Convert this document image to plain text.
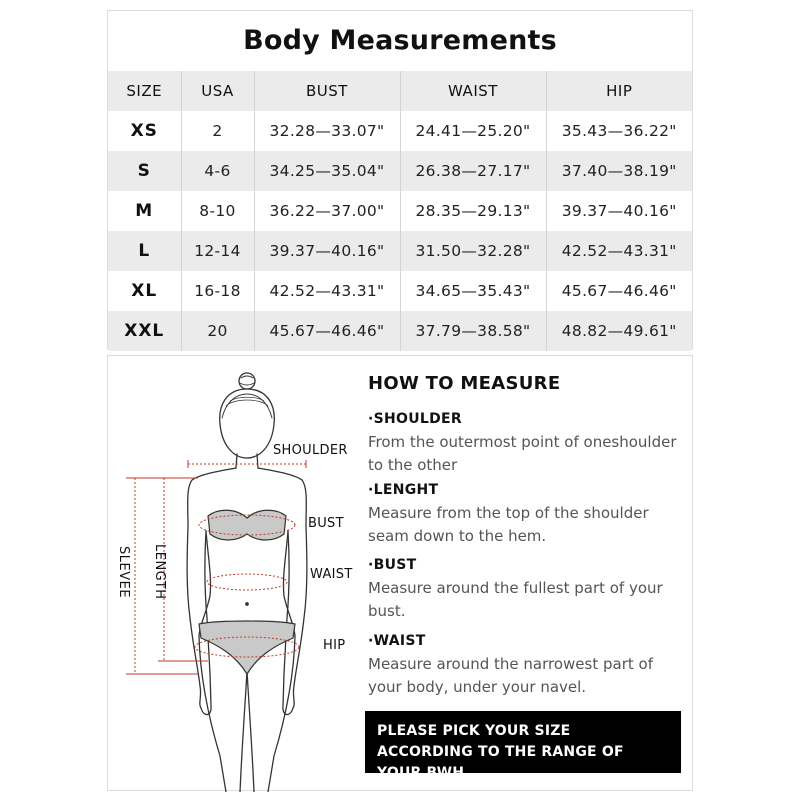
Body Measurements
SIZE	USA	BUST	WAIST	HIP
XS	2	32.28—33.07"	24.41—25.20"	35.43—36.22"
S	4-6	34.25—35.04"	26.38—27.17"	37.40—38.19"
M	8-10	36.22—37.00"	28.35—29.13"	39.37—40.16"
L	12-14	39.37—40.16"	31.50—32.28"	42.52—43.31"
XL	16-18	42.52—43.31"	34.65—35.43"	45.67—46.46"
XXL	20	45.67—46.46"	37.79—38.58"	48.82—49.61"
SHOULDER
BUST
WAIST
HIP
SLEVEE LENGTH
HOW TO MEASURE
·SHOULDER
From the outermost point of oneshoulder to the other
·LENGHT
Measure from the top of the shoulder seam down to the hem.
·BUST
Measure around the fullest part of your bust.
·WAIST
Measure around the narrowest part of your body, under your navel.
PLEASE PICK YOUR SIZE ACCORDING TO THE RANGE OF YOUR BWH.
